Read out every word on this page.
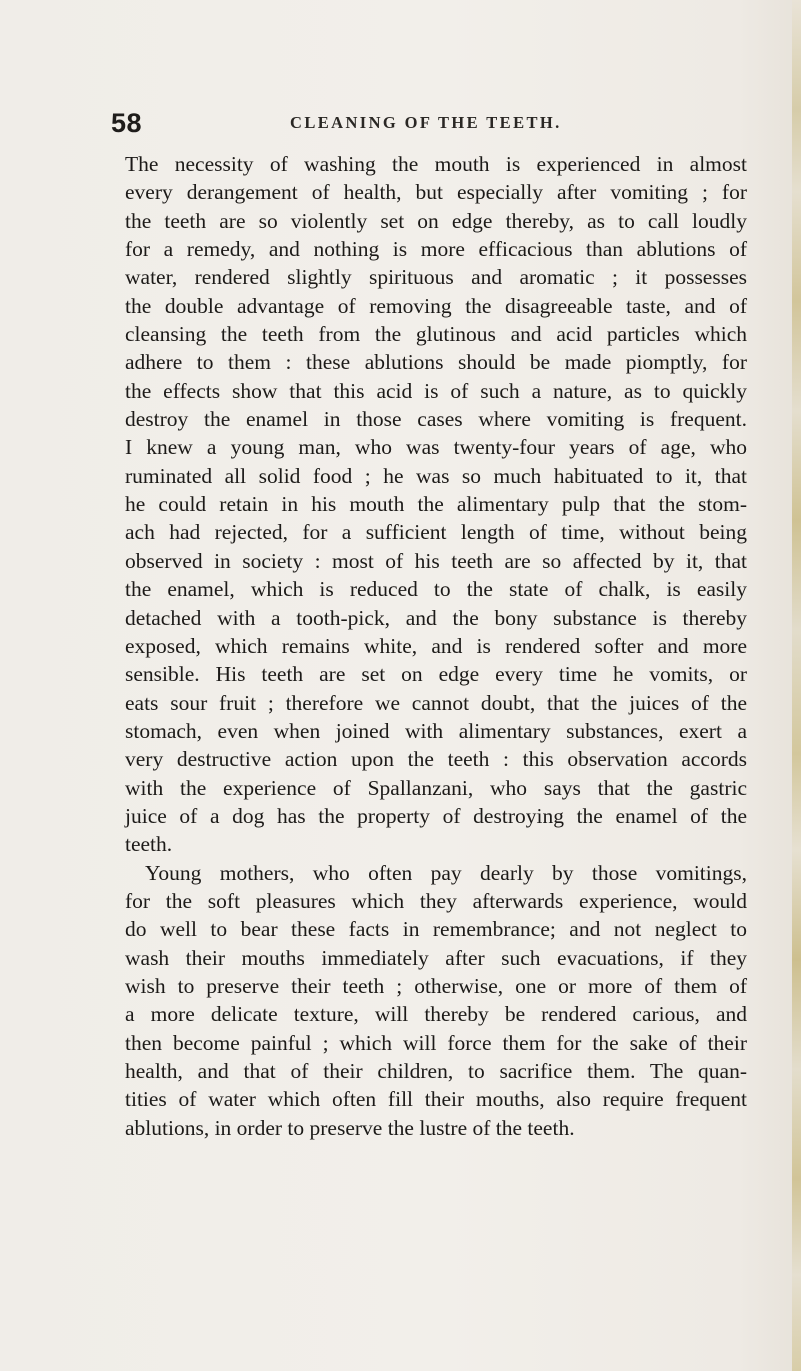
58	CLEANING OF THE TEETH.
The necessity of washing the mouth is experienced in almost
every derangement of health, but especially after vomiting ; for
the teeth are so violently set on edge thereby, as to call loudly
for a remedy, and nothing is more efficacious than ablutions of
water, rendered slightly spirituous and aromatic ; it possesses
the double advantage of removing the disagreeable taste, and of
cleansing the teeth from the glutinous and acid particles which
adhere to them : these ablutions should be made piomptly, for
the effects show that this acid is of such a nature, as to quickly
destroy the enamel in those cases where vomiting is frequent.
I knew a young man, who was twenty-four years of age, who
ruminated all solid food ; he was so much habituated to it, that
he could retain in his mouth the alimentary pulp that the stom-
ach had rejected, for a sufficient length of time, without being
observed in society : most of his teeth are so affected by it, that
the enamel, which is reduced to the state of chalk, is easily
detached with a tooth-pick, and the bony substance is thereby
exposed, which remains white, and is rendered softer and more
sensible. His teeth are set on edge every time he vomits, or
eats sour fruit ; therefore we cannot doubt, that the juices of the
stomach, even when joined with alimentary substances, exert a
very destructive action upon the teeth : this observation accords
with the experience of Spallanzani, who says that the gastric
juice of a dog has the property of destroying the enamel of the
teeth.
Young mothers, who often pay dearly by those vomitings,
for the soft pleasures which they afterwards experience, would
do well to bear these facts in remembrance; and not neglect to
wash their mouths immediately after such evacuations, if they
wish to preserve their teeth ; otherwise, one or more of them of
a more delicate texture, will thereby be rendered carious, and
then become painful ; which will force them for the sake of their
health, and that of their children, to sacrifice them. The quan-
tities of water which often fill their mouths, also require frequent
ablutions, in order to preserve the lustre of the teeth.
